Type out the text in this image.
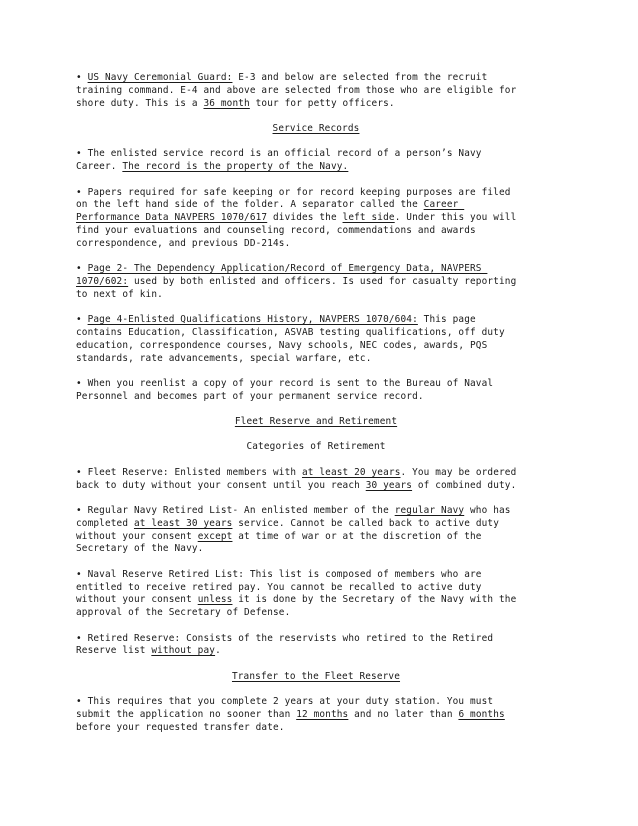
• US Navy Ceremonial Guard: E-3 and below are selected from the recruit
training command. E-4 and above are selected from those who are eligible for
shore duty. This is a 36 month tour for petty officers.
Service Records
• The enlisted service record is an official record of a person’s Navy
Career. The record is the property of the Navy.
• Papers required for safe keeping or for record keeping purposes are filed
on the left hand side of the folder. A separator called the Career
Performance Data NAVPERS 1070/617 divides the left side. Under this you will
find your evaluations and counseling record, commendations and awards
correspondence, and previous DD-214s.
• Page 2- The Dependency Application/Record of Emergency Data, NAVPERS
1070/602: used by both enlisted and officers. Is used for casualty reporting
to next of kin.
• Page 4-Enlisted Qualifications History, NAVPERS 1070/604: This page
contains Education, Classification, ASVAB testing qualifications, off duty
education, correspondence courses, Navy schools, NEC codes, awards, PQS
standards, rate advancements, special warfare, etc.
• When you reenlist a copy of your record is sent to the Bureau of Naval
Personnel and becomes part of your permanent service record.
Fleet Reserve and Retirement
Categories of Retirement
• Fleet Reserve: Enlisted members with at least 20 years. You may be ordered
back to duty without your consent until you reach 30 years of combined duty.
• Regular Navy Retired List- An enlisted member of the regular Navy who has
completed at least 30 years service. Cannot be called back to active duty
without your consent except at time of war or at the discretion of the
Secretary of the Navy.
• Naval Reserve Retired List: This list is composed of members who are
entitled to receive retired pay. You cannot be recalled to active duty
without your consent unless it is done by the Secretary of the Navy with the
approval of the Secretary of Defense.
• Retired Reserve: Consists of the reservists who retired to the Retired
Reserve list without pay.
Transfer to the Fleet Reserve
• This requires that you complete 2 years at your duty station. You must
submit the application no sooner than 12 months and no later than 6 months
before your requested transfer date.
